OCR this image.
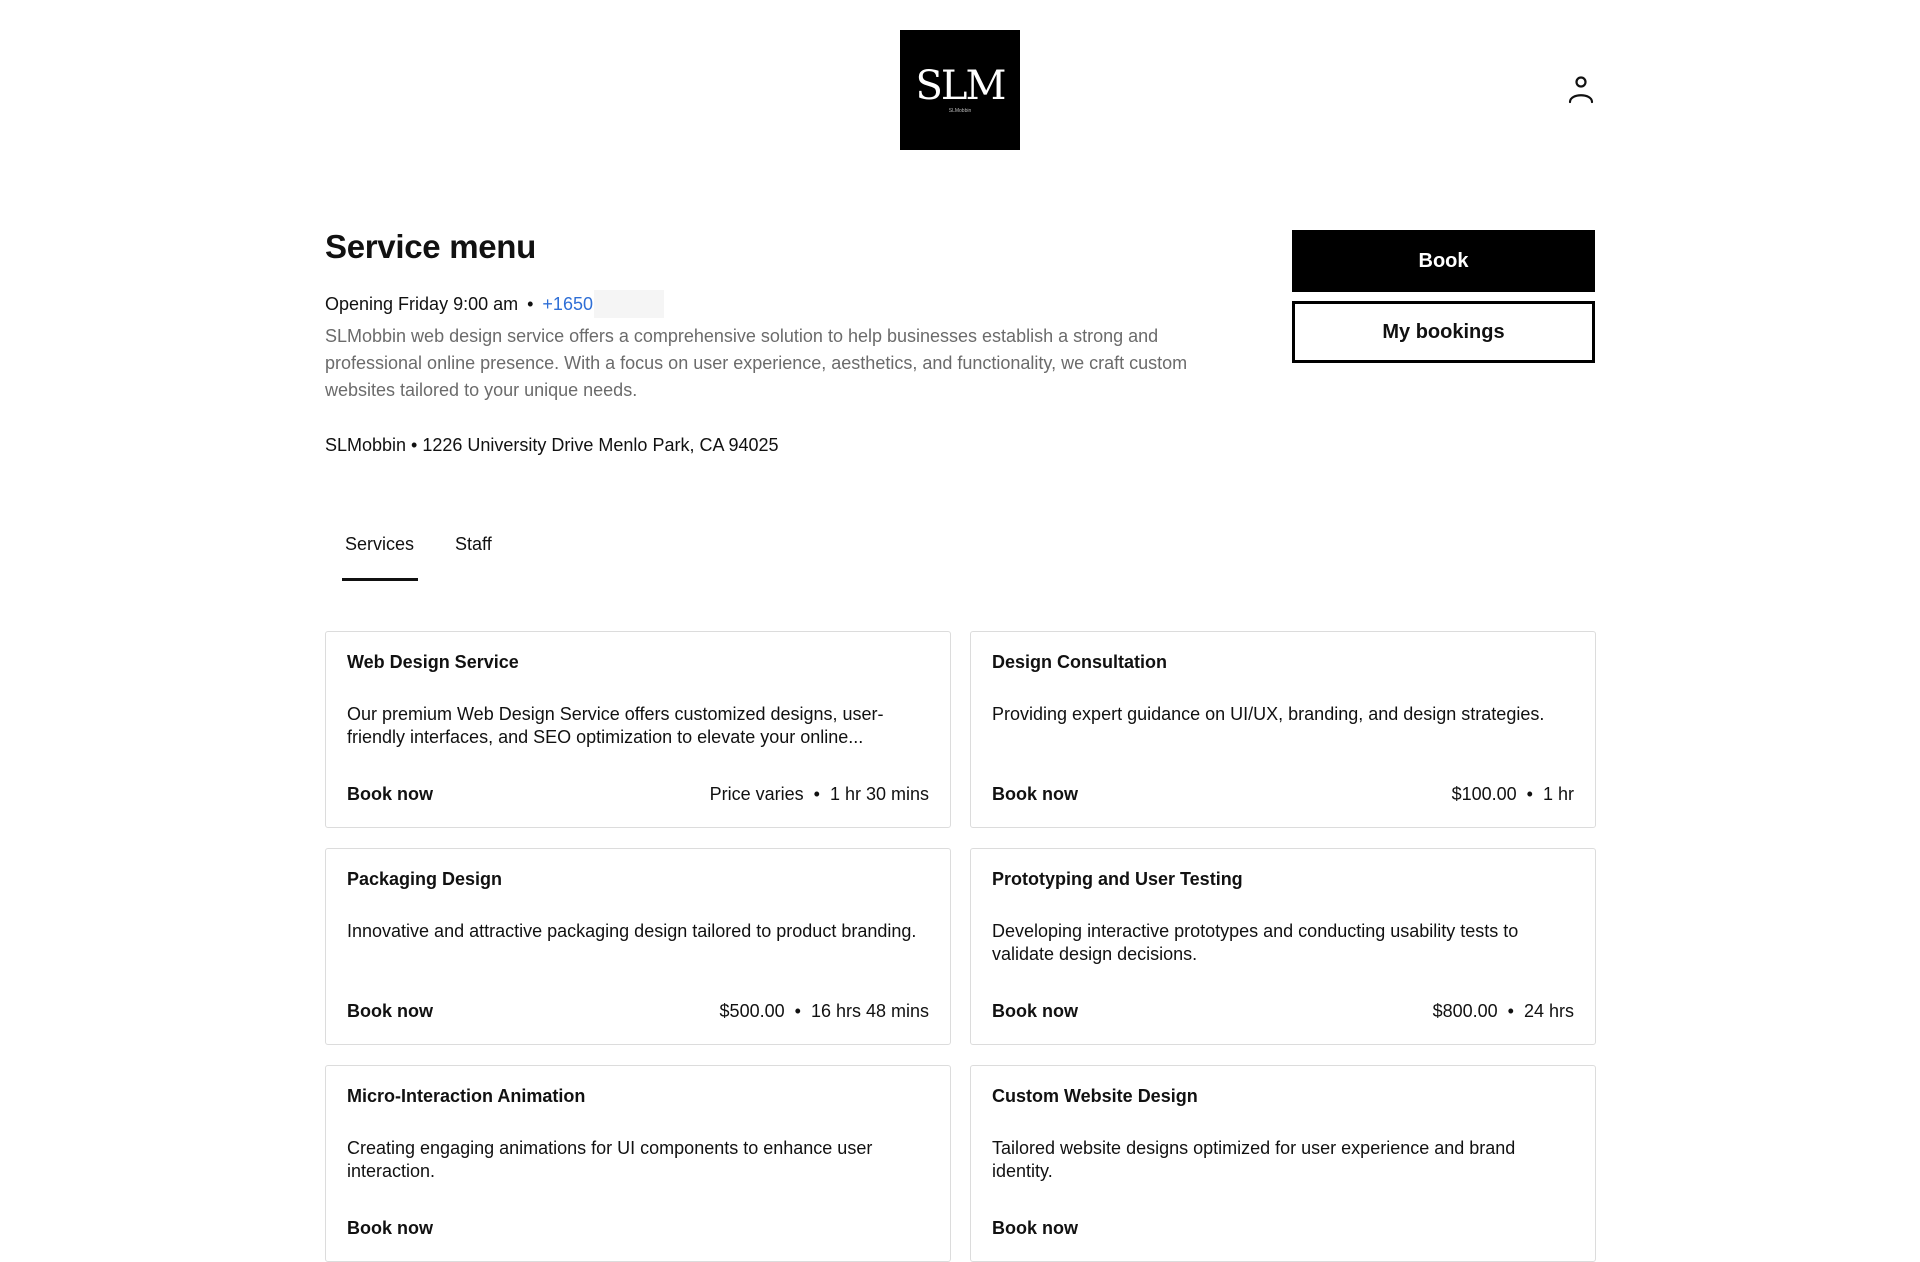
SLM
SLMobbin
Service menu
Opening Friday 9:00 am • +1650

SLMobbin web design service offers a comprehensive solution to help businesses establish a strong and professional online presence. With a focus on user experience, aesthetics, and functionality, we craft custom websites tailored to your unique needs.

SLMobbin • 1226 University Drive Menlo Park, CA 94025
Book
My bookings
Services Staff
Web Design Service
Our premium Web Design Service offers customized designs, user-friendly interfaces, and SEO optimization to elevate your online...
Book now	Price varies • 1 hr 30 mins
Design Consultation
Providing expert guidance on UI/UX, branding, and design strategies.
Book now	$100.00 • 1 hr
Packaging Design
Innovative and attractive packaging design tailored to product branding.
Book now	$500.00 • 16 hrs 48 mins
Prototyping and User Testing
Developing interactive prototypes and conducting usability tests to validate design decisions.
Book now	$800.00 • 24 hrs
Micro-Interaction Animation
Creating engaging animations for UI components to enhance user interaction.
Book now
Custom Website Design
Tailored website designs optimized for user experience and brand identity.
Book now
